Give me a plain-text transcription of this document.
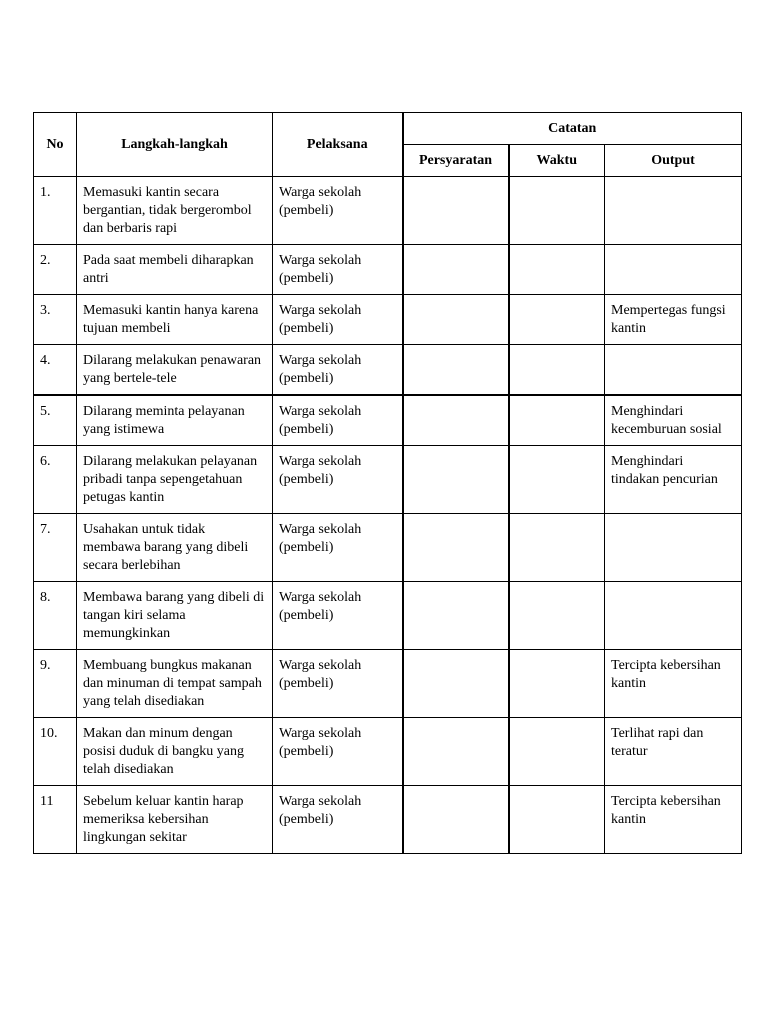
No	Langkah-langkah	Pelaksana	Catatan		
			Persyaratan	Waktu	Output
1.	Memasuki kantin secara bergantian, tidak bergerombol dan berbaris rapi	Warga sekolah (pembeli)			
2.	Pada saat membeli diharapkan antri	Warga sekolah (pembeli)			
3.	Memasuki kantin hanya karena tujuan membeli	Warga sekolah (pembeli)			Mempertegas fungsi kantin
4.	Dilarang melakukan penawaran yang bertele-tele	Warga sekolah (pembeli)			
5.	Dilarang meminta pelayanan yang istimewa	Warga sekolah (pembeli)			Menghindari kecemburuan sosial
6.	Dilarang melakukan pelayanan pribadi tanpa sepengetahuan petugas kantin	Warga sekolah (pembeli)			Menghindari tindakan pencurian
7.	Usahakan untuk tidak membawa barang yang dibeli secara berlebihan	Warga sekolah (pembeli)			
8.	Membawa barang yang dibeli di tangan kiri selama memungkinkan	Warga sekolah (pembeli)			
9.	Membuang bungkus makanan dan minuman di tempat sampah yang telah disediakan	Warga sekolah (pembeli)			Tercipta kebersihan kantin
10.	Makan dan minum dengan posisi duduk di bangku yang telah disediakan	Warga sekolah (pembeli)			Terlihat rapi dan teratur
11	Sebelum keluar kantin harap memeriksa kebersihan lingkungan sekitar	Warga sekolah (pembeli)			Tercipta kebersihan kantin
